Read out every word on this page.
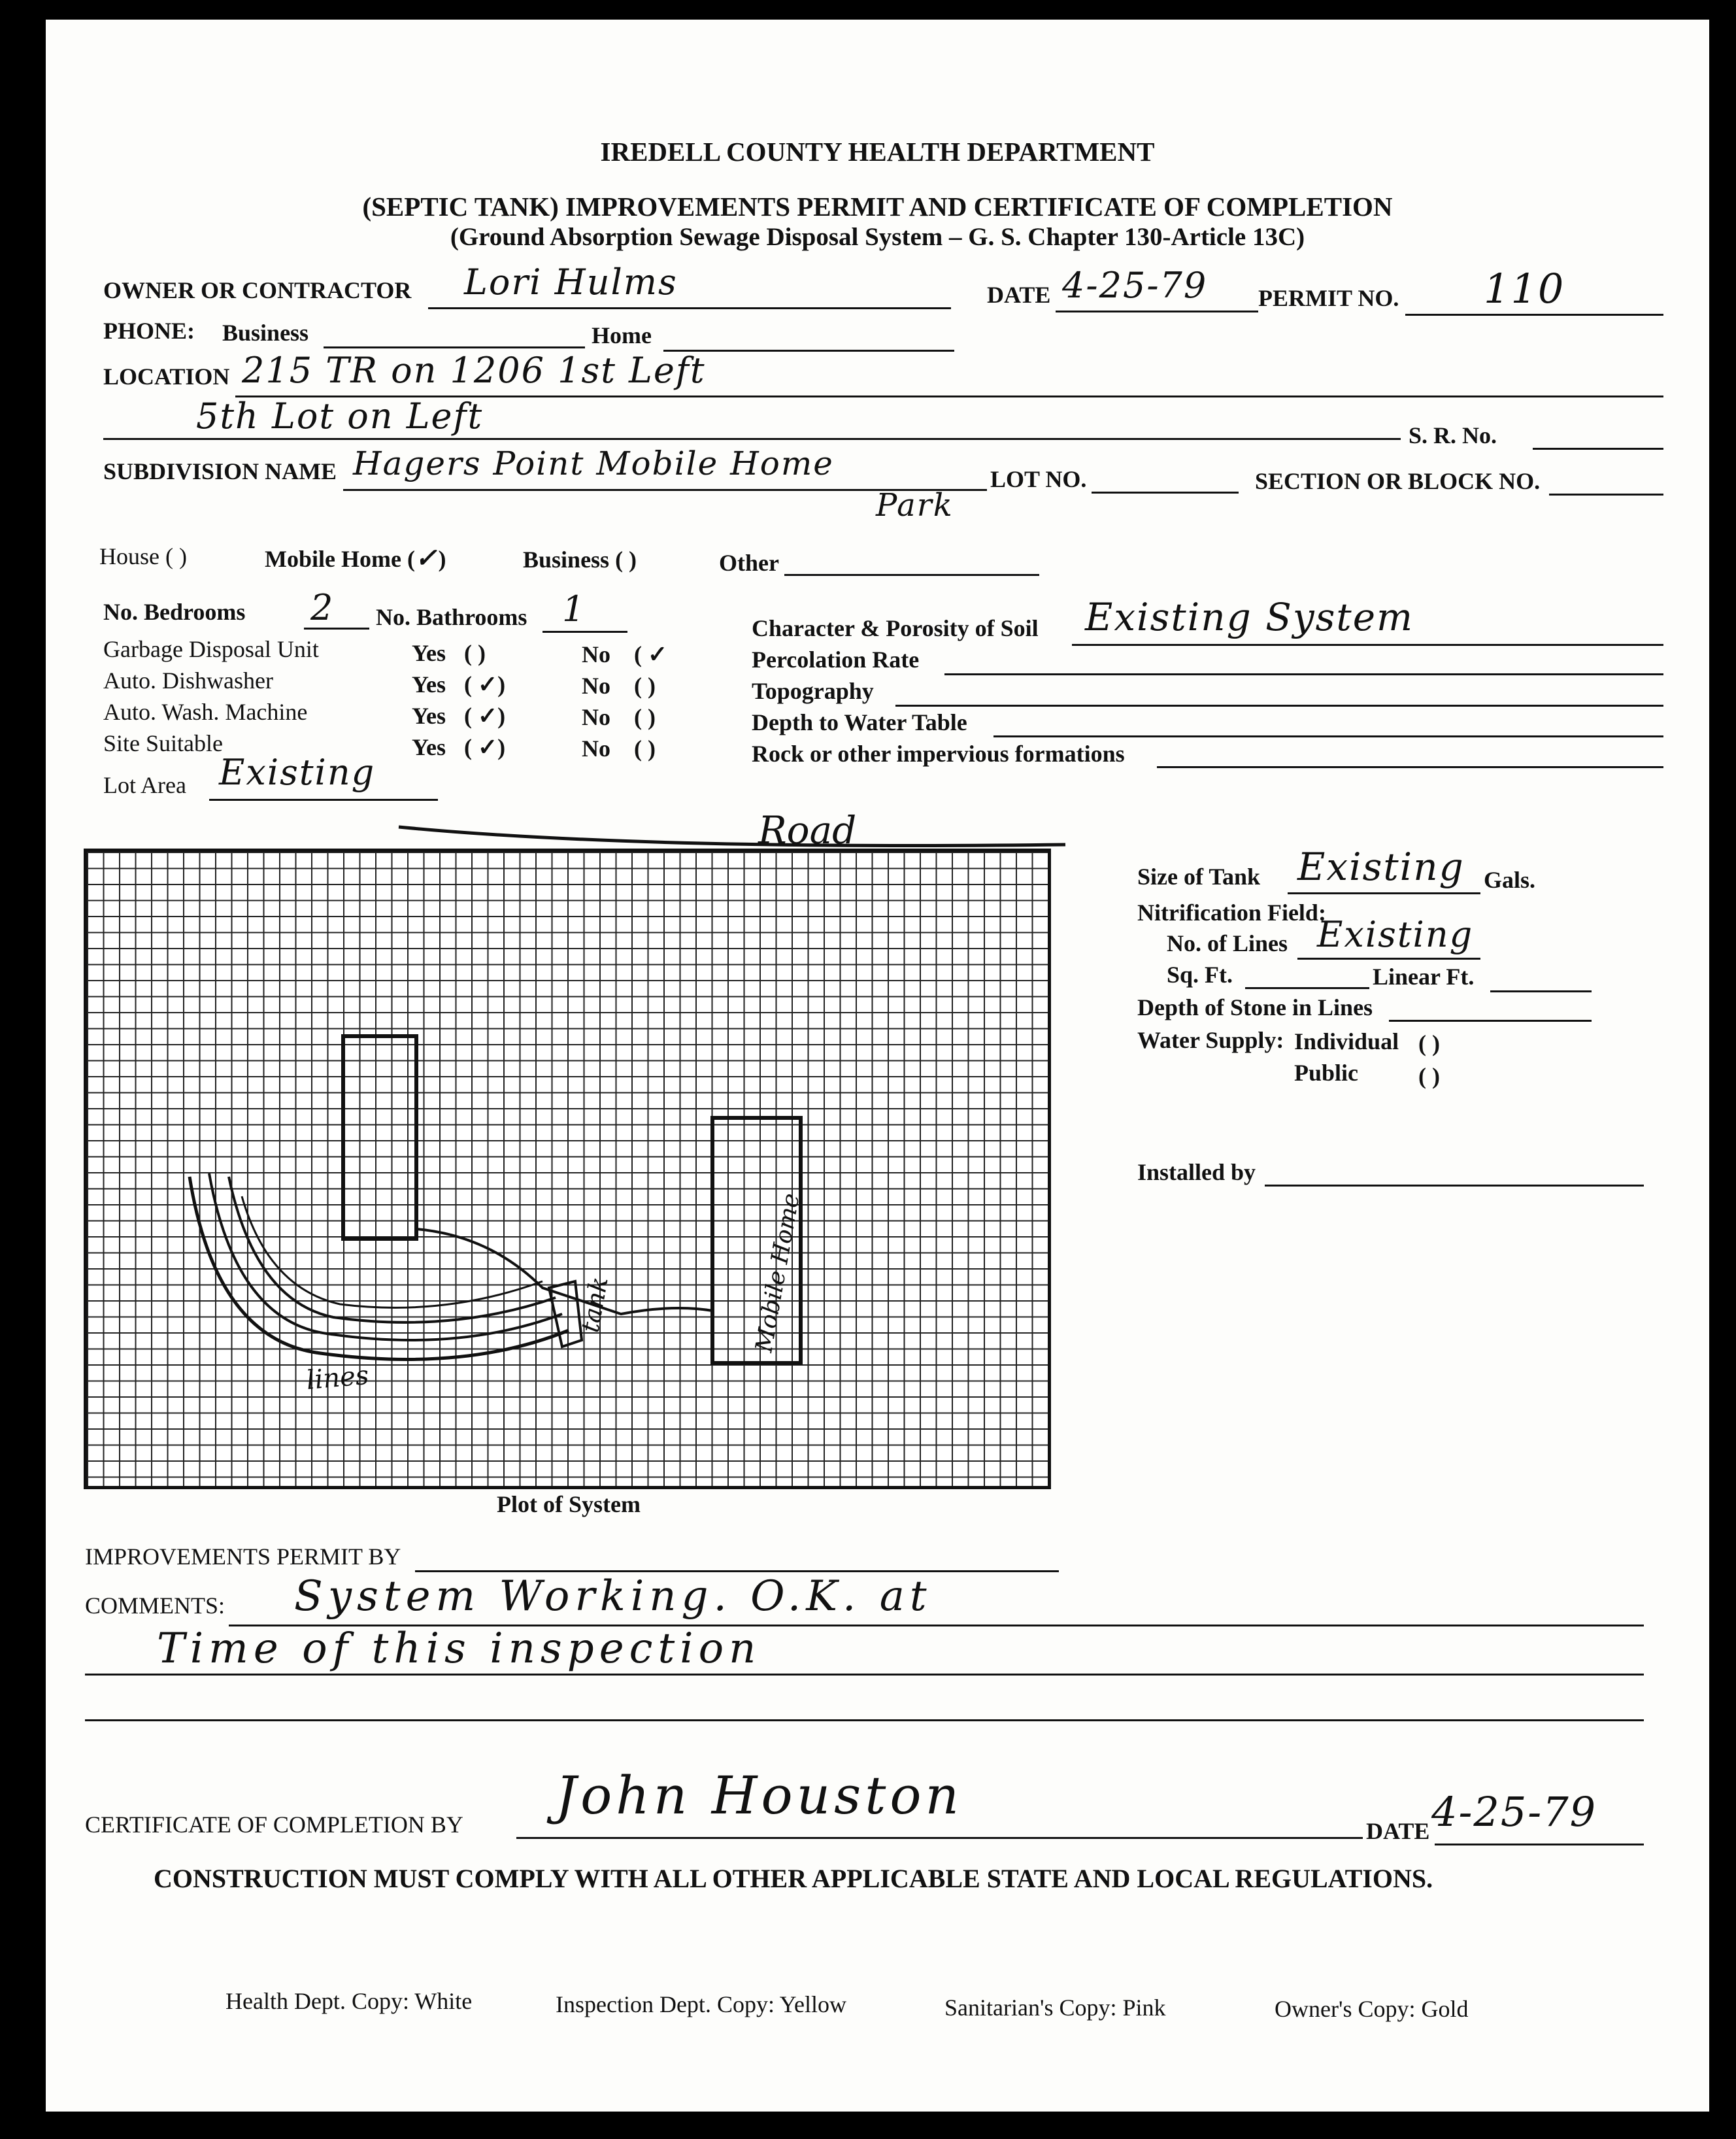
IREDELL COUNTY HEALTH DEPARTMENT
(SEPTIC TANK) IMPROVEMENTS PERMIT AND CERTIFICATE OF COMPLETION
(Ground Absorption Sewage Disposal System – G. S. Chapter 130-Article 13C)
OWNER OR CONTRACTOR Lori Hulms	DATE 4-25-79 PERMIT NO. 110
PHONE: Business	Home
LOCATION 215 TR on 1206 1st Left
5th Lot on Left	S. R. No.
SUBDIVISION NAME Hagers Point Mobile Home
Park
LOT NO.	SECTION OR BLOCK NO.
House ( )	Mobile Home (✓)	Business ( )	Other
No. Bedrooms 2 No. Bathrooms 1
Garbage Disposal Unit	Yes ( )	No ( ✓
Auto. Dishwasher	Yes ( ✓)	No ( )
Auto. Wash. Machine	Yes ( ✓)	No ( )
Site Suitable	Yes ( ✓)	No ( )
Character & Porosity of Soil Existing System
Percolation Rate
Topography
Depth to Water Table
Rock or other impervious formations
Lot Area Existing
Road
tank	Mobile Home
lines
Plot of System
Size of Tank Existing Gals.
Nitrification Field:
No. of Lines Existing
Sq. Ft.	Linear Ft.
Depth of Stone in Lines
Water Supply: Individual ( )
Public	( )
Installed by
IMPROVEMENTS PERMIT BY
COMMENTS: System Working. O.K. at
Time of this inspection
CERTIFICATE OF COMPLETION BY John Houston
DATE 4-25-79
CONSTRUCTION MUST COMPLY WITH ALL OTHER APPLICABLE STATE AND LOCAL REGULATIONS.
Health Dept. Copy: White	Inspection Dept. Copy: Yellow	Sanitarian's Copy: Pink	Owner's Copy: Gold
